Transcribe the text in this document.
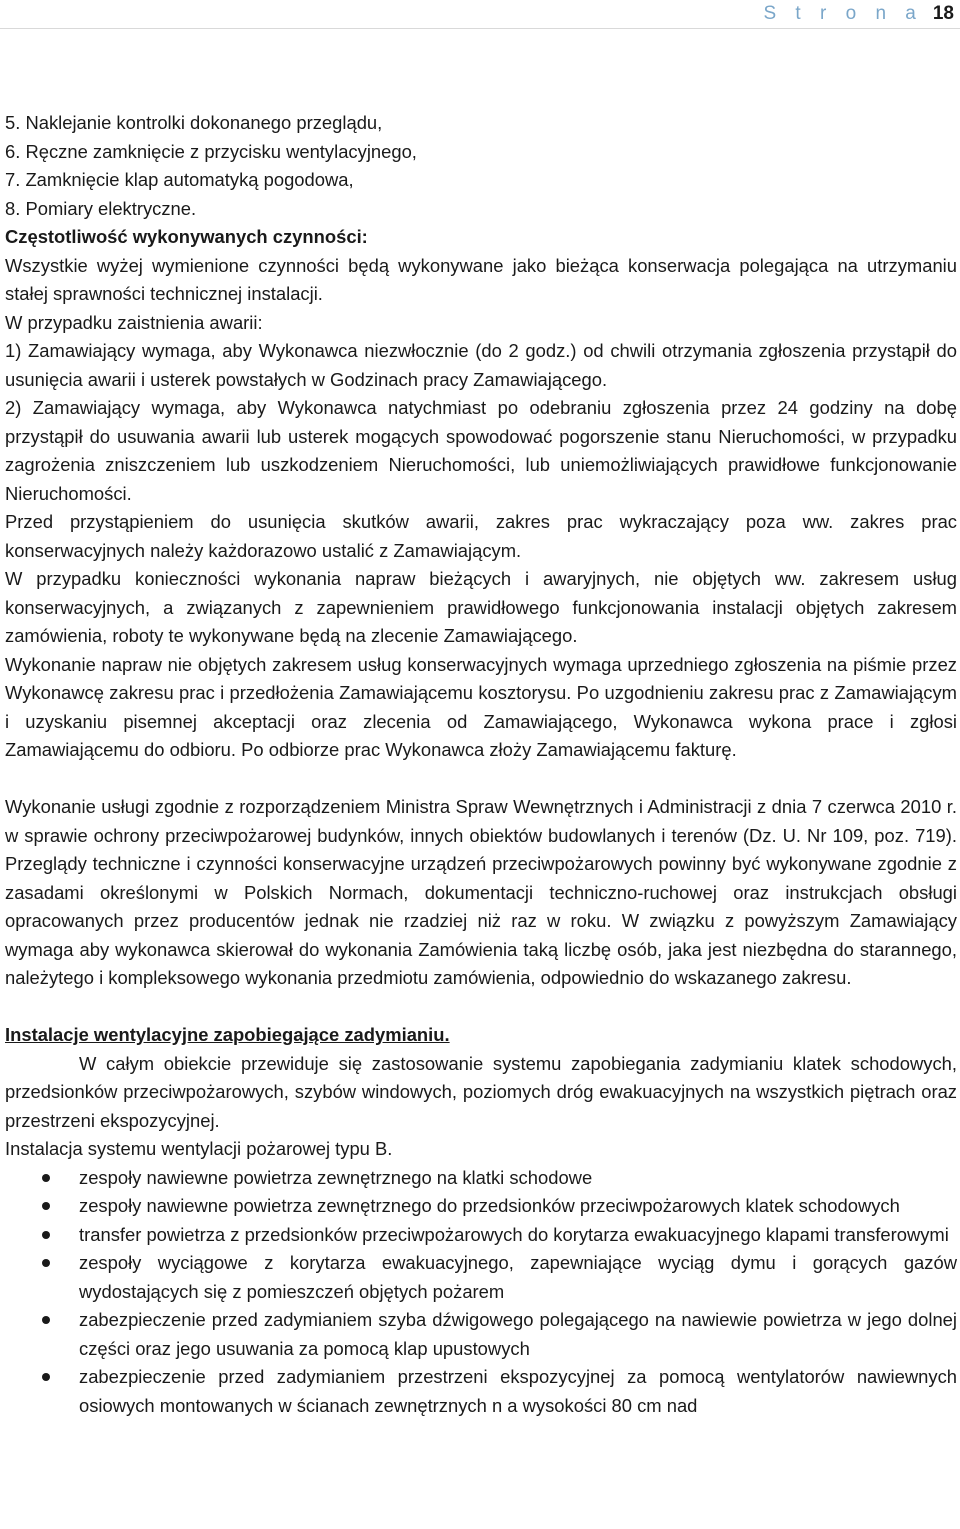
S t r o n a 18

5. Naklejanie kontrolki dokonanego przeglądu,

6. Ręczne zamknięcie z przycisku wentylacyjnego,

7. Zamknięcie klap automatyką pogodowa,

8. Pomiary elektryczne.

Częstotliwość wykonywanych czynności:

Wszystkie wyżej wymienione czynności będą wykonywane jako bieżąca konserwacja polegająca na utrzymaniu stałej sprawności technicznej instalacji.

W przypadku zaistnienia awarii:

1) Zamawiający wymaga, aby Wykonawca niezwłocznie (do 2 godz.) od chwili otrzymania zgłoszenia przystąpił do usunięcia awarii i usterek powstałych w Godzinach pracy Zamawiającego.

2) Zamawiający wymaga, aby Wykonawca natychmiast po odebraniu zgłoszenia przez 24 godziny na dobę przystąpił do usuwania awarii lub usterek mogących spowodować pogorszenie stanu Nieruchomości, w przypadku zagrożenia zniszczeniem lub uszkodzeniem Nieruchomości, lub uniemożliwiających prawidłowe funkcjonowanie Nieruchomości.

Przed przystąpieniem do usunięcia skutków awarii, zakres prac wykraczający poza ww. zakres prac konserwacyjnych należy każdorazowo ustalić z Zamawiającym.

W przypadku konieczności wykonania napraw bieżących i awaryjnych, nie objętych ww. zakresem usług konserwacyjnych, a związanych z zapewnieniem prawidłowego funkcjonowania instalacji objętych zakresem zamówienia, roboty te wykonywane będą na zlecenie Zamawiającego.

Wykonanie napraw nie objętych zakresem usług konserwacyjnych wymaga uprzedniego zgłoszenia na piśmie przez Wykonawcę zakresu prac i przedłożenia Zamawiającemu kosztorysu. Po uzgodnieniu zakresu prac z Zamawiającym i uzyskaniu pisemnej akceptacji oraz zlecenia od Zamawiającego, Wykonawca wykona prace i zgłosi Zamawiającemu do odbioru. Po odbiorze prac Wykonawca złoży Zamawiającemu fakturę.

Wykonanie usługi zgodnie z rozporządzeniem Ministra Spraw Wewnętrznych i Administracji z dnia 7 czerwca 2010 r. w sprawie ochrony przeciwpożarowej budynków, innych obiektów budowlanych i terenów (Dz. U. Nr 109, poz. 719). Przeglądy techniczne i czynności konserwacyjne urządzeń przeciwpożarowych powinny być wykonywane zgodnie z zasadami określonymi w Polskich Normach, dokumentacji techniczno-ruchowej oraz instrukcjach obsługi opracowanych przez producentów jednak nie rzadziej niż raz w roku. W związku z powyższym Zamawiający wymaga aby wykonawca skierował do wykonania Zamówienia taką liczbę osób, jaka jest niezbędna do starannego, należytego i kompleksowego wykonania przedmiotu zamówienia, odpowiednio do wskazanego zakresu.

Instalacje wentylacyjne zapobiegające zadymianiu.

W całym obiekcie przewiduje się zastosowanie systemu zapobiegania zadymianiu klatek schodowych, przedsionków przeciwpożarowych, szybów windowych, poziomych dróg ewakuacyjnych na wszystkich piętrach oraz przestrzeni ekspozycyjnej.

Instalacja systemu wentylacji pożarowej typu B.

zespoły nawiewne powietrza zewnętrznego na klatki schodowe
zespoły nawiewne powietrza zewnętrznego do przedsionków przeciwpożarowych klatek schodowych
transfer powietrza z przedsionków przeciwpożarowych do korytarza ewakuacyjnego klapami transferowymi
zespoły wyciągowe z korytarza ewakuacyjnego, zapewniające wyciąg dymu i gorących gazów wydostających się z pomieszczeń objętych pożarem
zabezpieczenie przed zadymianiem szyba dźwigowego polegającego na nawiewie powietrza w jego dolnej części oraz jego usuwania za pomocą klap upustowych
zabezpieczenie przed zadymianiem przestrzeni ekspozycyjnej za pomocą wentylatorów nawiewnych osiowych montowanych w ścianach zewnętrznych n a wysokości 80 cm nad
